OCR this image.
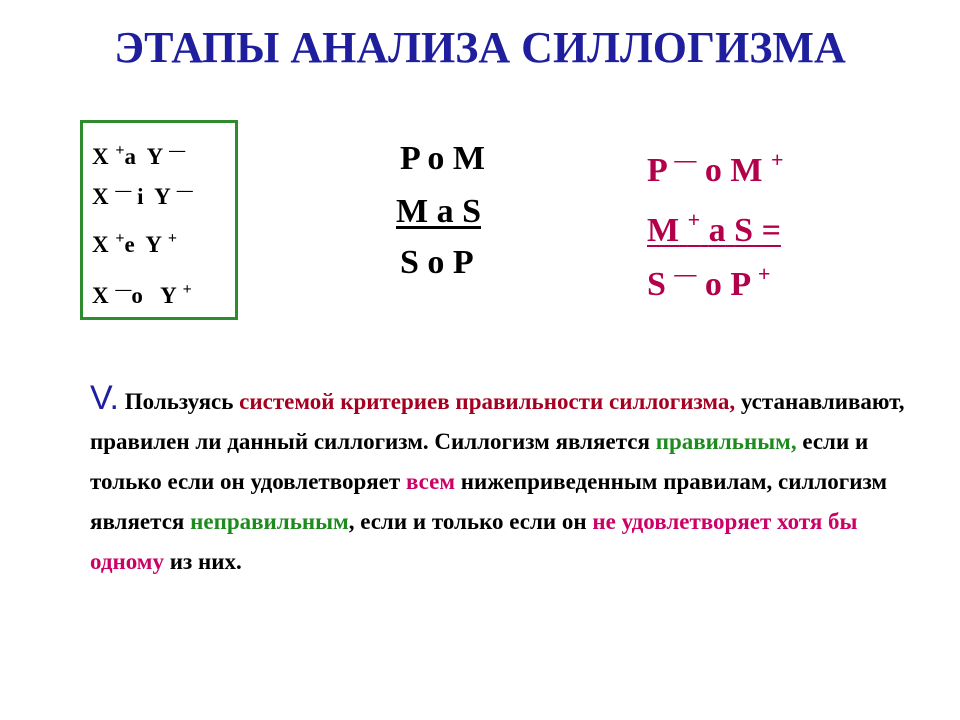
ЭТАПЫ АНАЛИЗА СИЛЛОГИЗМА
X +a Y —
X — i Y —
X +e Y +
X —o Y +
P o M
M a S
S o P
P — o M +
M + a S =
S — o P +
V. Пользуясь системой критериев правильности силлогизма, устанавливают, правилен ли данный силлогизм. Силлогизм является правильным, если и только если он удовлетворяет всем нижеприведенным правилам, силлогизм является неправильным, если и только если он не удовлетворяет хотя бы одному из них.
